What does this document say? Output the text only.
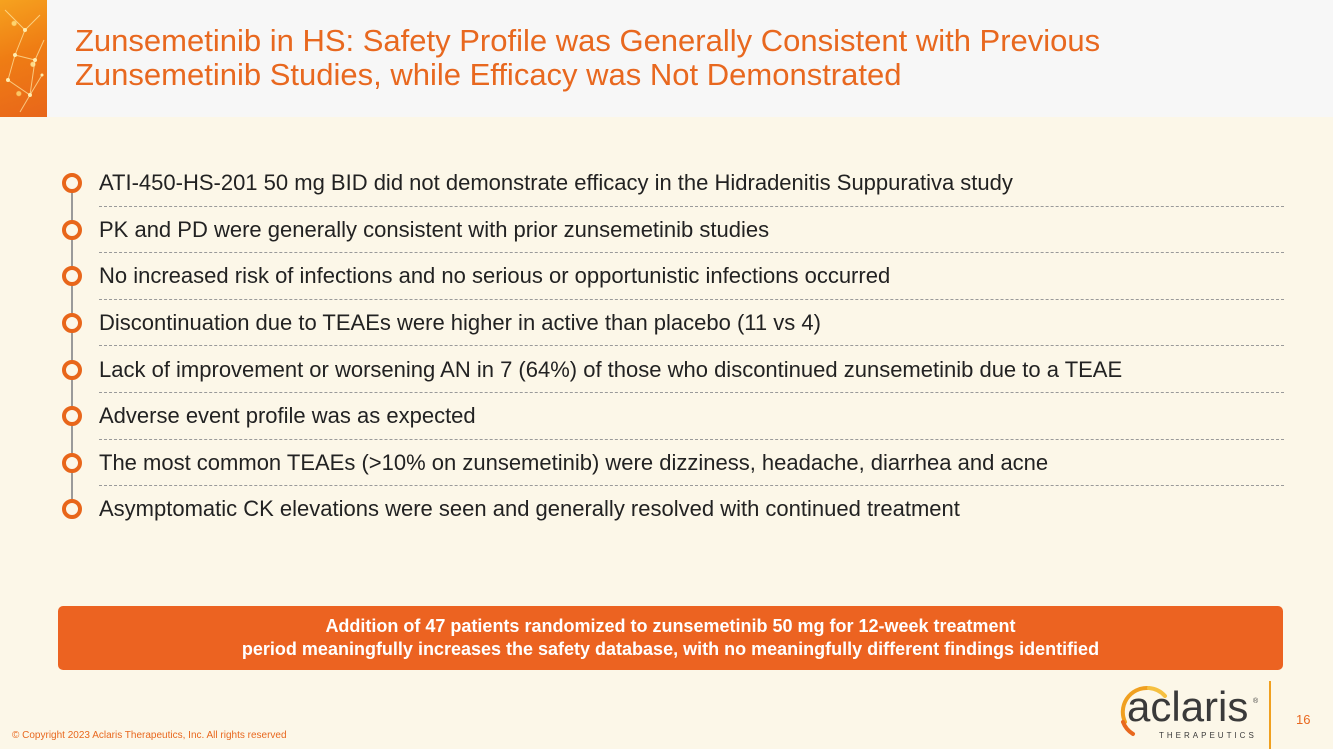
Zunsemetinib in HS: Safety Profile was Generally Consistent with Previous
Zunsemetinib Studies, while Efficacy was Not Demonstrated
ATI-450-HS-201 50 mg BID did not demonstrate efficacy in the Hidradenitis Suppurativa study
PK and PD were generally consistent with prior zunsemetinib studies
No increased risk of infections and no serious or opportunistic infections occurred
Discontinuation due to TEAEs were higher in active than placebo (11 vs 4)
Lack of improvement or worsening AN in 7 (64%) of those who discontinued zunsemetinib due to a TEAE
Adverse event profile was as expected
The most common TEAEs (>10% on zunsemetinib) were dizziness, headache, diarrhea and acne
Asymptomatic CK elevations were seen and generally resolved with continued treatment
Addition of 47 patients randomized to zunsemetinib 50 mg for 12-week treatment
period meaningfully increases the safety database, with no meaningfully different findings identified
© Copyright 2023 Aclaris Therapeutics, Inc. All rights reserved
aclaris ®
THERAPEUTICS
16
